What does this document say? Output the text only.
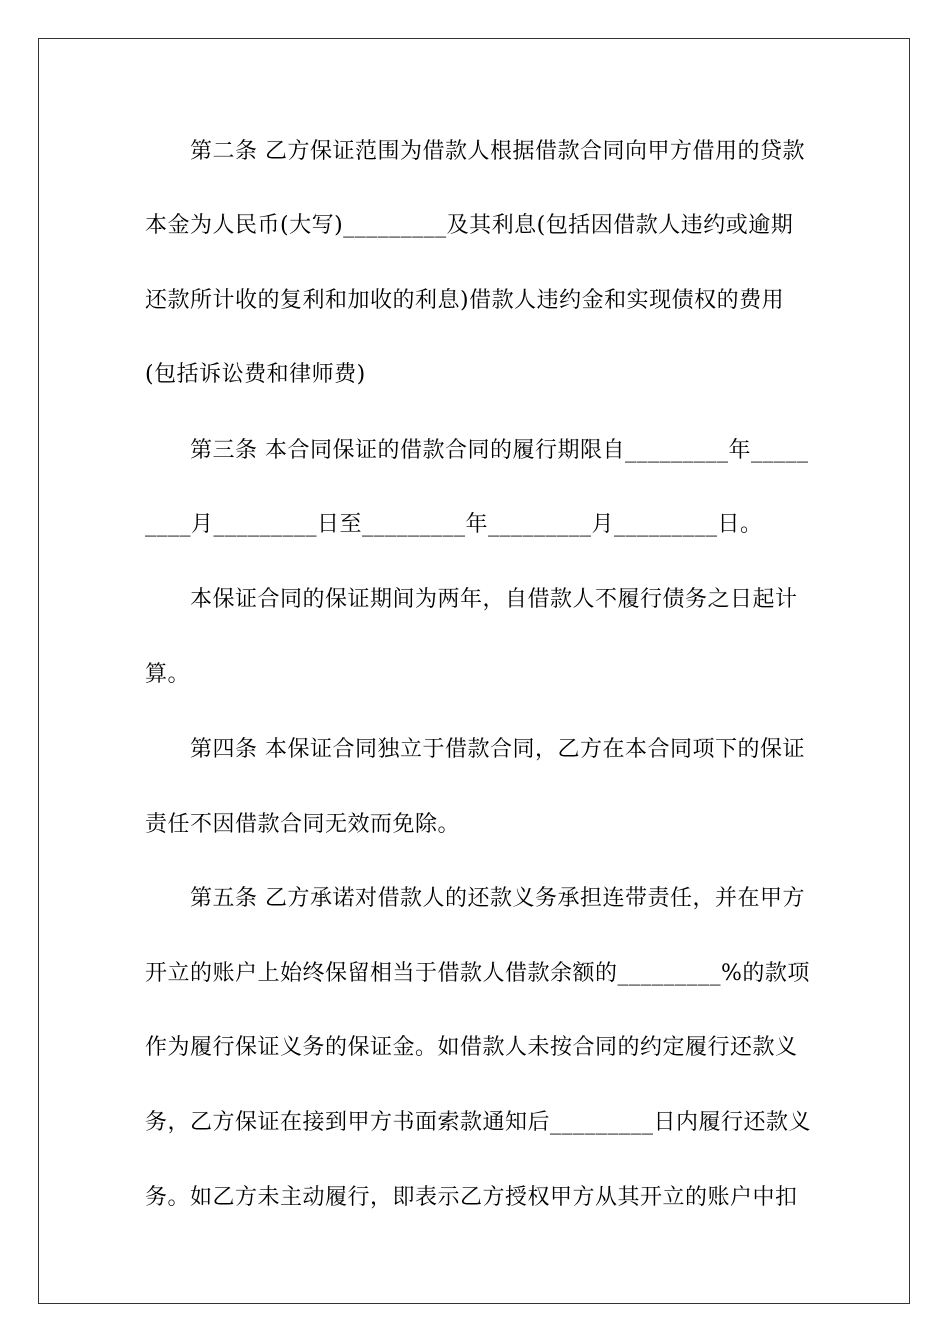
第二条 乙方保证范围为借款人根据借款合同向甲方借用的贷款
本金为人民币(大写)_________及其利息(包括因借款人违约或逾期
还款所计收的复利和加收的利息)借款人违约金和实现债权的费用
(包括诉讼费和律师费)
第三条 本合同保证的借款合同的履行期限自_________年_____
____月_________日至_________年_________月_________日。
本保证合同的保证期间为两年，自借款人不履行债务之日起计
算。
第四条 本保证合同独立于借款合同，乙方在本合同项下的保证
责任不因借款合同无效而免除。
第五条 乙方承诺对借款人的还款义务承担连带责任，并在甲方
开立的账户上始终保留相当于借款人借款余额的_________%的款项
作为履行保证义务的保证金。如借款人未按合同的约定履行还款义
务，乙方保证在接到甲方书面索款通知后_________日内履行还款义
务。如乙方未主动履行，即表示乙方授权甲方从其开立的账户中扣
